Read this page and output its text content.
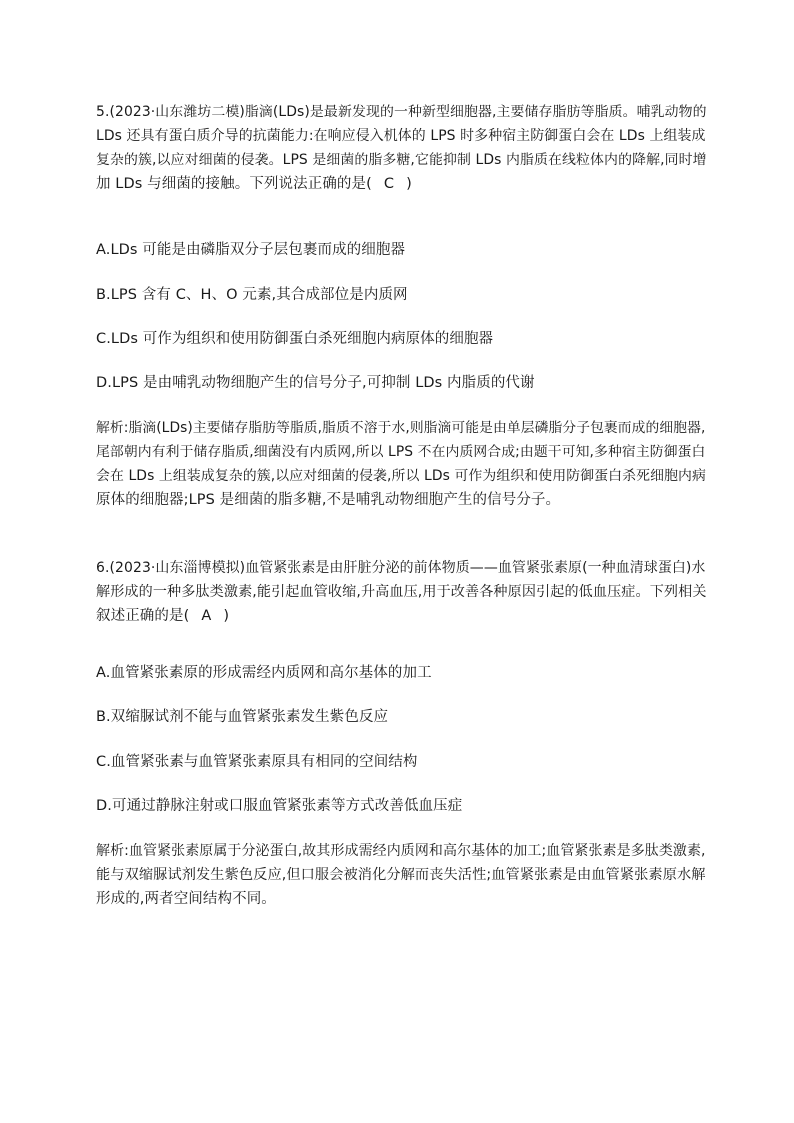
5.(2023·山东潍坊二模)脂滴(LDs)是最新发现的一种新型细胞器,主要储存脂肪等脂质。哺乳动物的
LDs 还具有蛋白质介导的抗菌能力:在响应侵入机体的 LPS 时多种宿主防御蛋白会在 LDs 上组装成
复杂的簇,以应对细菌的侵袭。LPS 是细菌的脂多糖,它能抑制 LDs 内脂质在线粒体内的降解,同时增
加 LDs 与细菌的接触。下列说法正确的是( C )
A.LDs 可能是由磷脂双分子层包裹而成的细胞器
B.LPS 含有 C、H、O 元素,其合成部位是内质网
C.LDs 可作为组织和使用防御蛋白杀死细胞内病原体的细胞器
D.LPS 是由哺乳动物细胞产生的信号分子,可抑制 LDs 内脂质的代谢
解析:脂滴(LDs)主要储存脂肪等脂质,脂质不溶于水,则脂滴可能是由单层磷脂分子包裹而成的细胞器,
尾部朝内有利于储存脂质,细菌没有内质网,所以 LPS 不在内质网合成;由题干可知,多种宿主防御蛋白
会在 LDs 上组装成复杂的簇,以应对细菌的侵袭,所以 LDs 可作为组织和使用防御蛋白杀死细胞内病
原体的细胞器;LPS 是细菌的脂多糖,不是哺乳动物细胞产生的信号分子。
6.(2023·山东淄博模拟)血管紧张素是由肝脏分泌的前体物质——血管紧张素原(一种血清球蛋白)水
解形成的一种多肽类激素,能引起血管收缩,升高血压,用于改善各种原因引起的低血压症。下列相关
叙述正确的是( A )
A.血管紧张素原的形成需经内质网和高尔基体的加工
B.双缩脲试剂不能与血管紧张素发生紫色反应
C.血管紧张素与血管紧张素原具有相同的空间结构
D.可通过静脉注射或口服血管紧张素等方式改善低血压症
解析:血管紧张素原属于分泌蛋白,故其形成需经内质网和高尔基体的加工;血管紧张素是多肽类激素,
能与双缩脲试剂发生紫色反应,但口服会被消化分解而丧失活性;血管紧张素是由血管紧张素原水解
形成的,两者空间结构不同。
